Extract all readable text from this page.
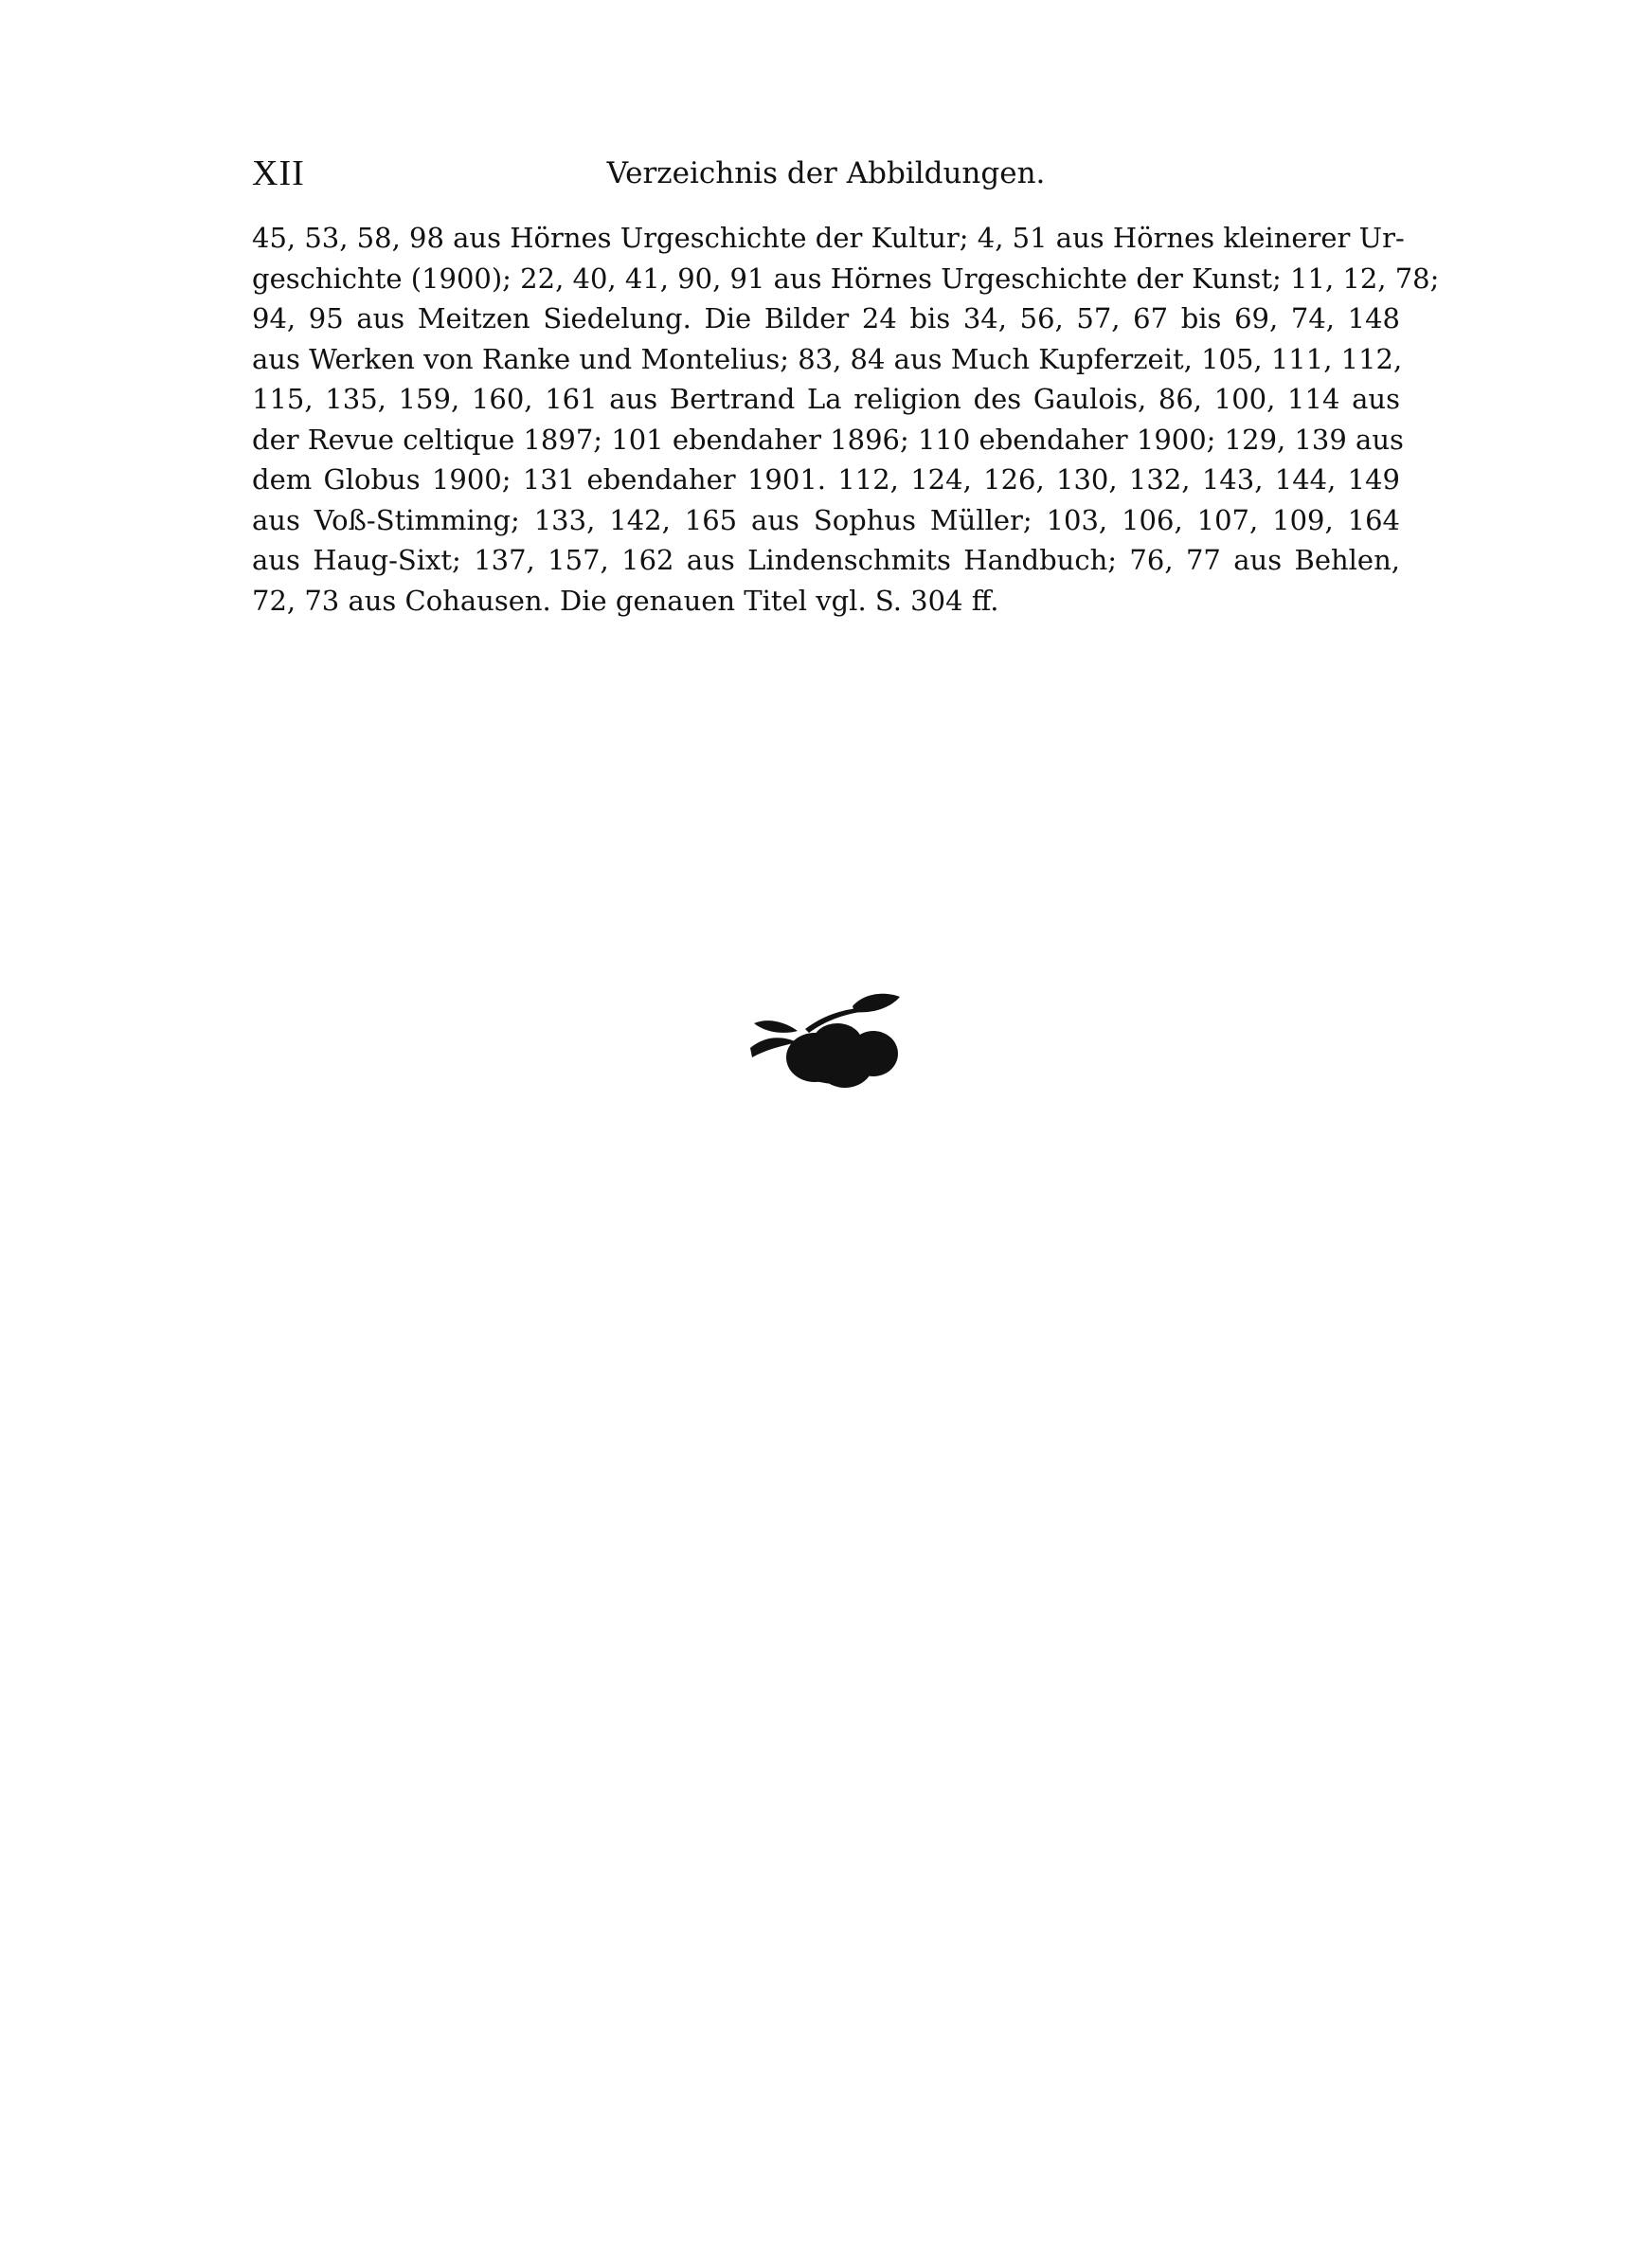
XII	Verzeichnis der Abbildungen.
45, 53, 58, 98 aus Hörnes Urgeschichte der Kultur; 4, 51 aus Hörnes kleinerer Ur-
geschichte (1900); 22, 40, 41, 90, 91 aus Hörnes Urgeschichte der Kunst; 11, 12, 78;
94, 95 aus Meitzen Siedelung. Die Bilder 24 bis 34, 56, 57, 67 bis 69, 74, 148
aus Werken von Ranke und Montelius; 83, 84 aus Much Kupferzeit, 105, 111, 112,
115, 135, 159, 160, 161 aus Bertrand La religion des Gaulois, 86, 100, 114 aus
der Revue celtique 1897; 101 ebendaher 1896; 110 ebendaher 1900; 129, 139 aus
dem Globus 1900; 131 ebendaher 1901. 112, 124, 126, 130, 132, 143, 144, 149
aus Voß-Stimming; 133, 142, 165 aus Sophus Müller; 103, 106, 107, 109, 164
aus Haug-Sixt; 137, 157, 162 aus Lindenschmits Handbuch; 76, 77 aus Behlen,
72, 73 aus Cohausen. Die genauen Titel vgl. S. 304 ff.
